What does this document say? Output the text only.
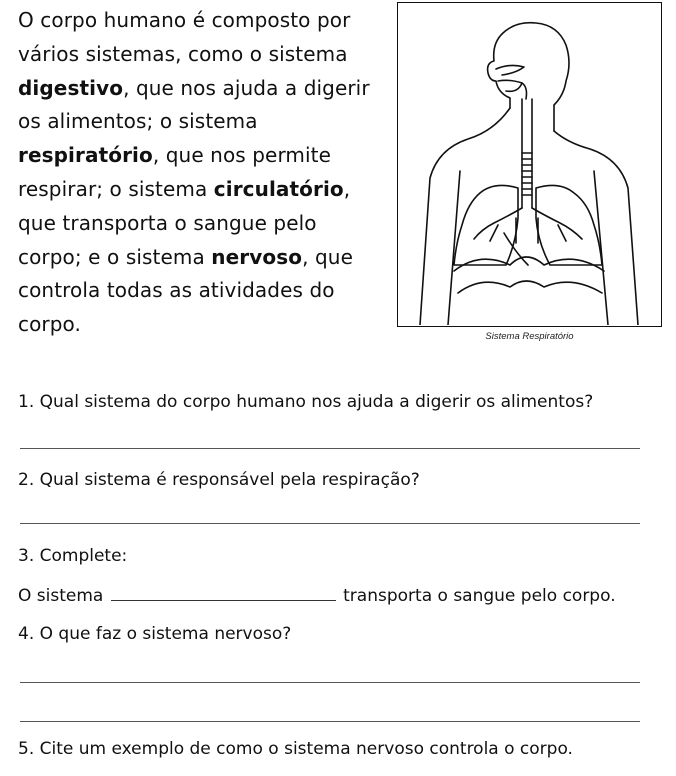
O corpo humano é composto por vários sistemas, como o sistema digestivo, que nos ajuda a digerir os alimentos; o sistema respiratório, que nos permite respirar; o sistema circulatório, que transporta o sangue pelo corpo; e o sistema nervoso, que controla todas as atividades do corpo.

Sistema Respiratório

1. Qual sistema do corpo humano nos ajuda a digerir os alimentos?

2. Qual sistema é responsável pela respiração?

3. Complete:

O sistema	transporta o sangue pelo corpo.

4. O que faz o sistema nervoso?

5. Cite um exemplo de como o sistema nervoso controla o corpo.
